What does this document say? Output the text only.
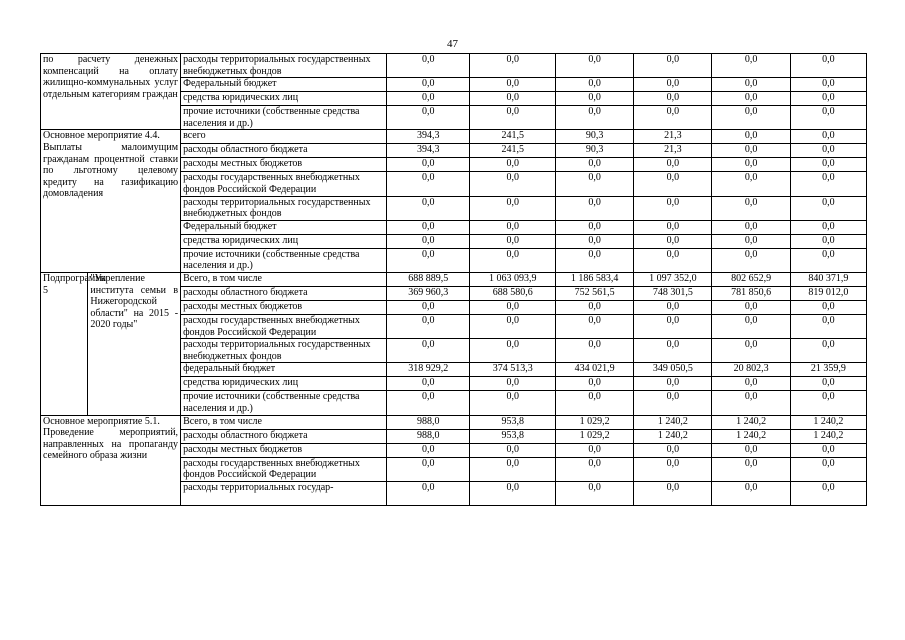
47
по расчету денежных компенсаций на оплату жилищно-коммунальных услуг отдельным категориям граждан		расходы территориальных государственных внебюджетных фондов	0,0	0,0	0,0	0,0	0,0	0,0
		Федеральный бюджет	0,0	0,0	0,0	0,0	0,0	0,0
		средства юридических лиц	0,0	0,0	0,0	0,0	0,0	0,0
		прочие источники (собственные средства населения и др.)	0,0	0,0	0,0	0,0	0,0	0,0

Основное мероприятие 4.4.
Выплаты малоимущим гражданам процентной ставки по льготному целевому кредиту на газификацию домовладения		всего	394,3	241,5	90,3	21,3	0,0	0,0
		расходы областного бюджета	394,3	241,5	90,3	21,3	0,0	0,0
		расходы местных бюджетов	0,0	0,0	0,0	0,0	0,0	0,0
		расходы государственных внебюджетных фондов Российской Федерации	0,0	0,0	0,0	0,0	0,0	0,0
		расходы территориальных государственных внебюджетных фондов	0,0	0,0	0,0	0,0	0,0	0,0
		Федеральный бюджет	0,0	0,0	0,0	0,0	0,0	0,0
		средства юридических лиц	0,0	0,0	0,0	0,0	0,0	0,0
		прочие источники (собственные средства населения и др.)	0,0	0,0	0,0	0,0	0,0	0,0
Подпрограмма 5	"Укрепление института семьи в Нижегородской области" на 2015 - 2020 годы"	Всего, в том числе	688 889,5	1 063 093,9	1 186 583,4	1 097 352,0	802 652,9	840 371,9
		расходы областного бюджета	369 960,3	688 580,6	752 561,5	748 301,5	781 850,6	819 012,0
		расходы местных бюджетов	0,0	0,0	0,0	0,0	0,0	0,0
		расходы государственных внебюджетных фондов Российской Федерации	0,0	0,0	0,0	0,0	0,0	0,0
		расходы территориальных государственных внебюджетных фондов	0,0	0,0	0,0	0,0	0,0	0,0
		федеральный бюджет	318 929,2	374 513,3	434 021,9	349 050,5	20 802,3	21 359,9
		средства юридических лиц	0,0	0,0	0,0	0,0	0,0	0,0
		прочие источники (собственные средства населения и др.)	0,0	0,0	0,0	0,0	0,0	0,0

Основное мероприятие 5.1.
Проведение мероприятий, направленных на пропаганду семейного образа жизни		Всего, в том числе	988,0	953,8	1 029,2	1 240,2	1 240,2	1 240,2
		расходы областного бюджета	988,0	953,8	1 029,2	1 240,2	1 240,2	1 240,2
		расходы местных бюджетов	0,0	0,0	0,0	0,0	0,0	0,0
		расходы государственных внебюджетных фондов Российской Федерации	0,0	0,0	0,0	0,0	0,0	0,0
		расходы территориальных государ-	0,0	0,0	0,0	0,0	0,0	0,0
